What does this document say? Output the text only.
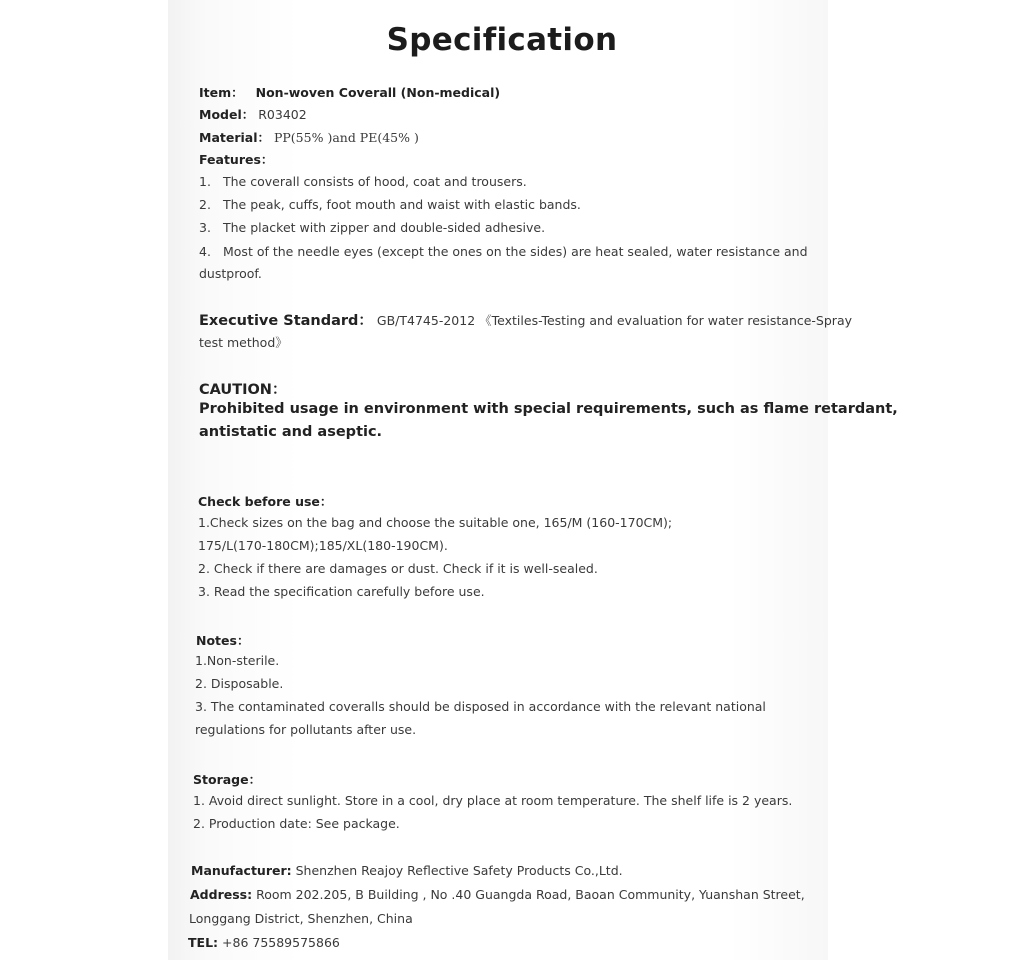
Specification
Item： Non-woven Coverall (Non-medical)
Model： R03402
Material： PP(55% )and PE(45% )
Features：
1. The coverall consists of hood, coat and trousers.
2. The peak, cuffs, foot mouth and waist with elastic bands.
3. The placket with zipper and double-sided adhesive.
4. Most of the needle eyes (except the ones on the sides) are heat sealed, water resistance and
dustproof.
Executive Standard： GB/T4745-2012 《Textiles-Testing and evaluation for water resistance-Spray
test method》
CAUTION：
Prohibited usage in environment with special requirements, such as flame retardant,
antistatic and aseptic.
Check before use：
1.Check sizes on the bag and choose the suitable one, 165/M (160-170CM);
175/L(170-180CM);185/XL(180-190CM).
2. Check if there are damages or dust. Check if it is well-sealed.
3. Read the specification carefully before use.
Notes：
1.Non-sterile.
2. Disposable.
3. The contaminated coveralls should be disposed in accordance with the relevant national
regulations for pollutants after use.
Storage：
1. Avoid direct sunlight. Store in a cool, dry place at room temperature. The shelf life is 2 years.
2. Production date: See package.
Manufacturer: Shenzhen Reajoy Reflective Safety Products Co.,Ltd.
Address: Room 202.205, B Building , No .40 Guangda Road, Baoan Community, Yuanshan Street,
Longgang District, Shenzhen, China
TEL: +86 75589575866
